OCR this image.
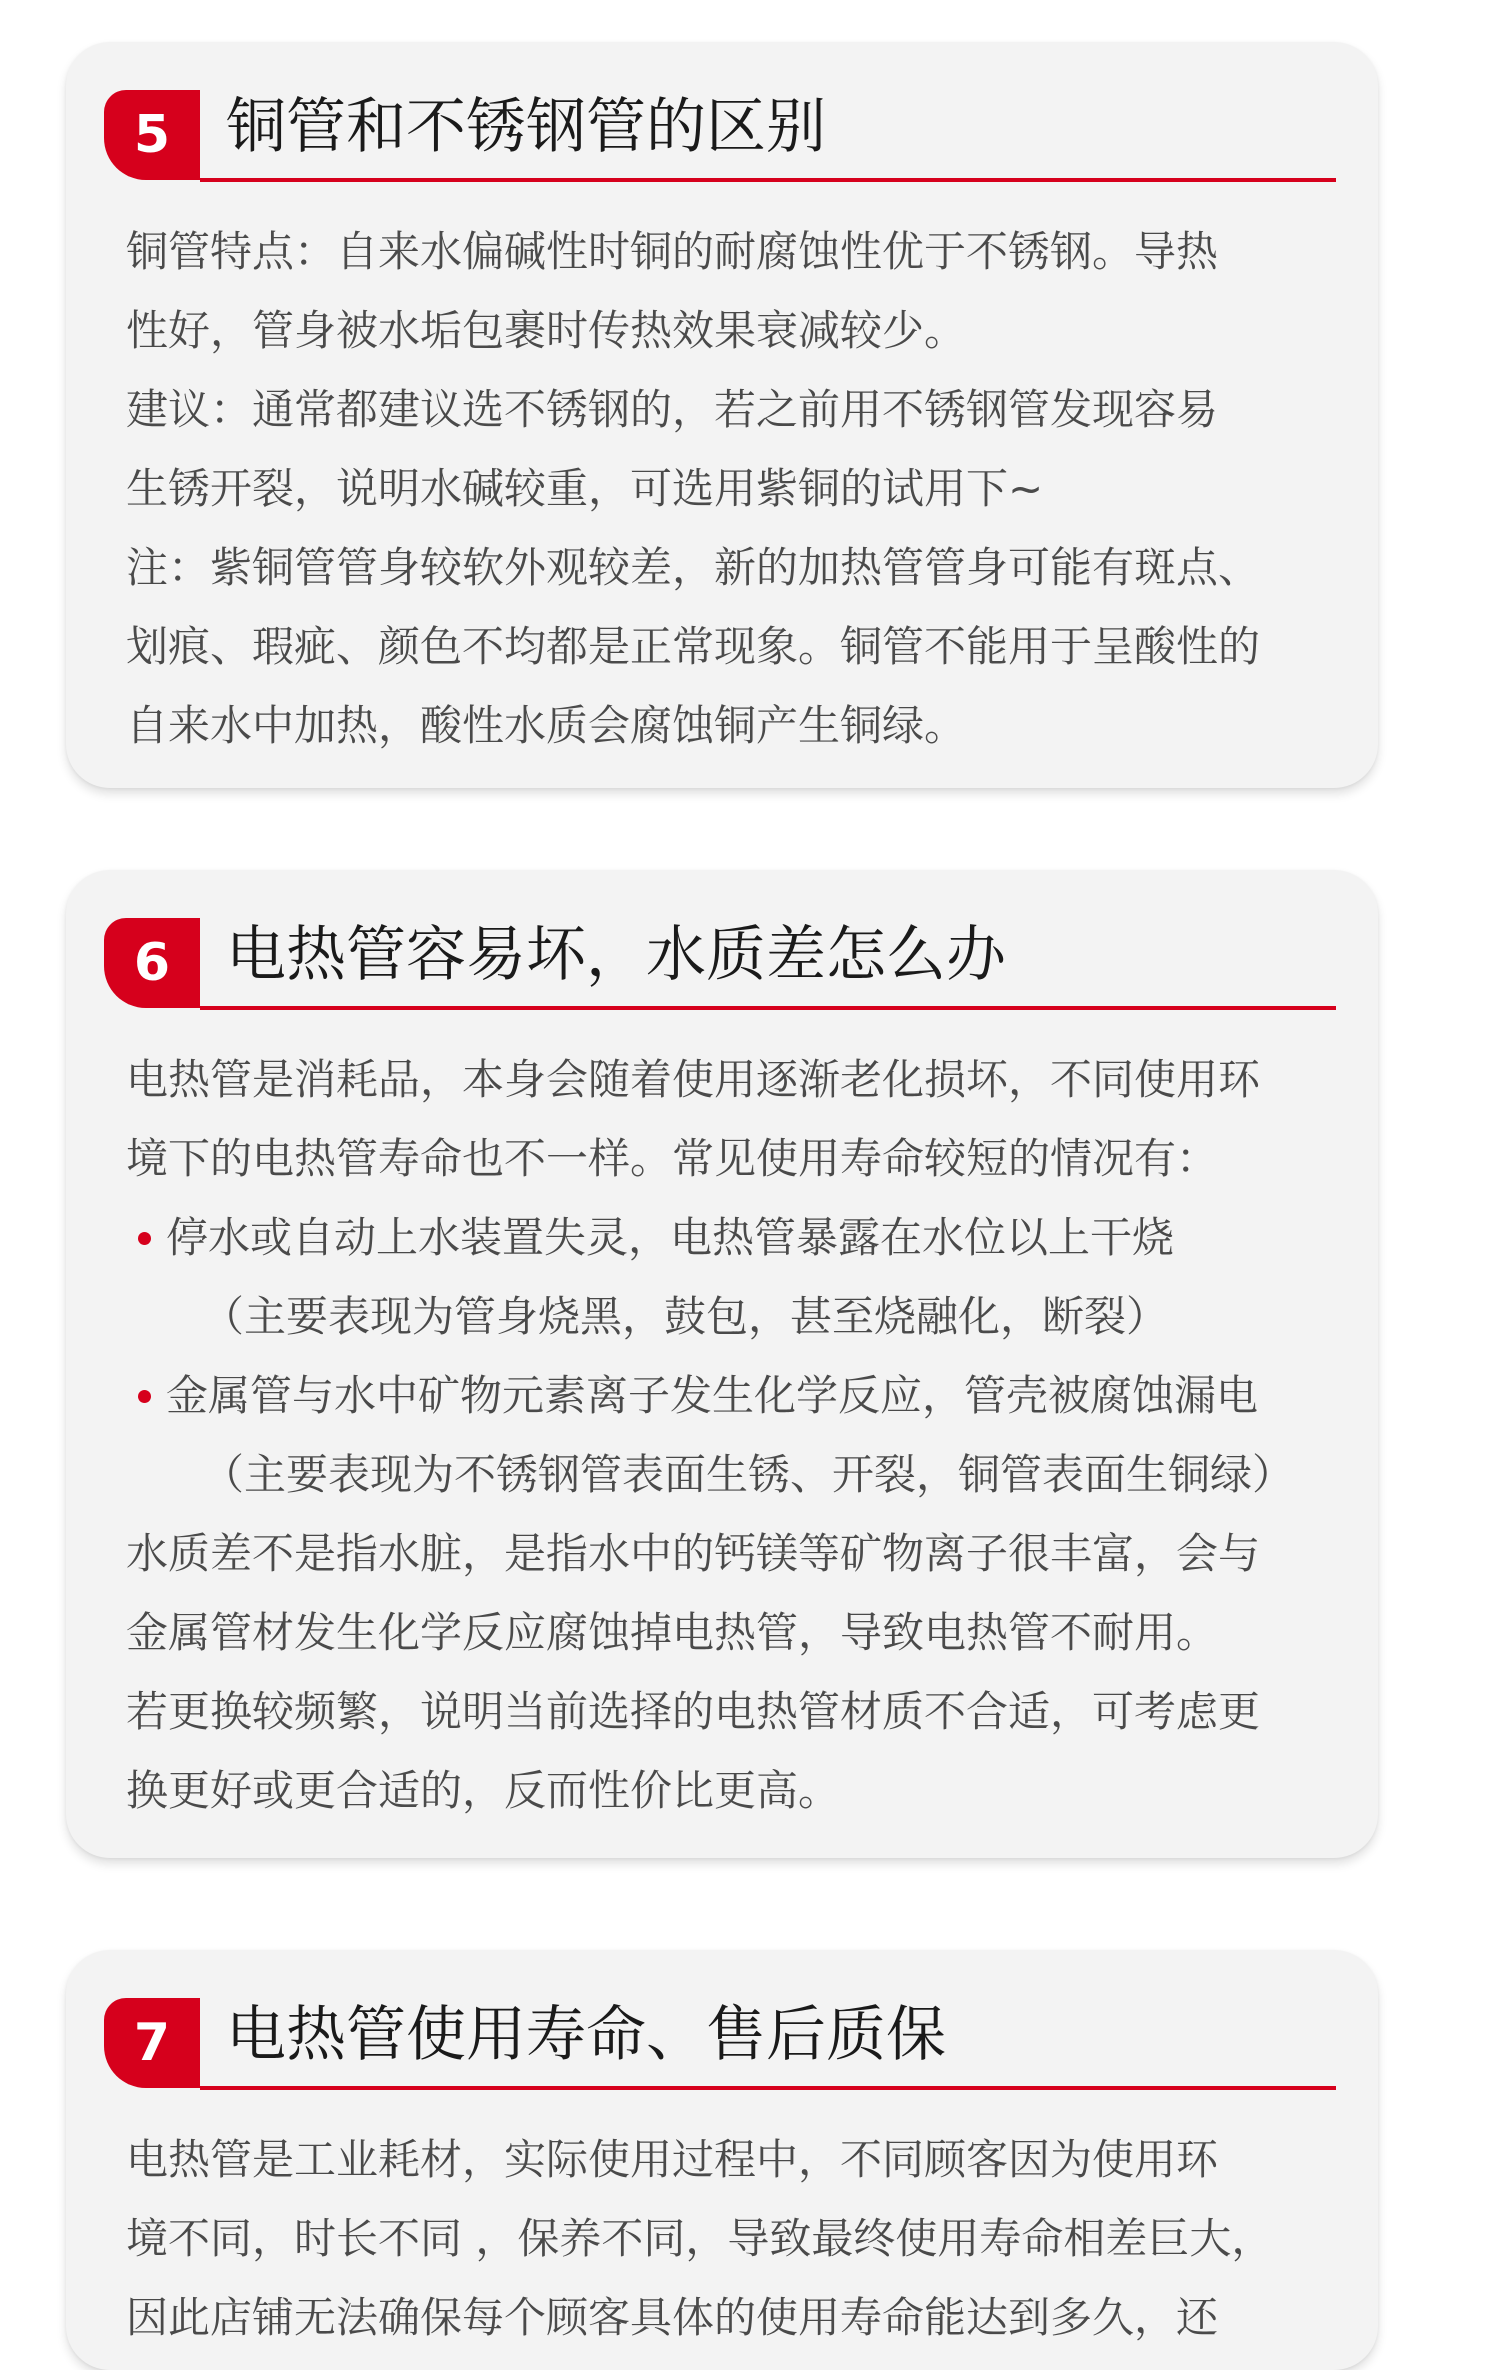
5 铜管和不锈钢管的区别

铜管特点：自来水偏碱性时铜的耐腐蚀性优于不锈钢。导热

性好，管身被水垢包裹时传热效果衰减较少。

建议：通常都建议选不锈钢的，若之前用不锈钢管发现容易

生锈开裂，说明水碱较重，可选用紫铜的试用下~

注：紫铜管管身较软外观较差，新的加热管管身可能有斑点、

划痕、瑕疵、颜色不均都是正常现象。铜管不能用于呈酸性的

自来水中加热，酸性水质会腐蚀铜产生铜绿。

6 电热管容易坏，水质差怎么办

电热管是消耗品，本身会随着使用逐渐老化损坏，不同使用环

境下的电热管寿命也不一样。常见使用寿命较短的情况有：

停水或自动上水装置失灵，电热管暴露在水位以上干烧

（主要表现为管身烧黑，鼓包，甚至烧融化，断裂）

金属管与水中矿物元素离子发生化学反应，管壳被腐蚀漏电

（主要表现为不锈钢管表面生锈、开裂，铜管表面生铜绿）

水质差不是指水脏，是指水中的钙镁等矿物离子很丰富，会与

金属管材发生化学反应腐蚀掉电热管，导致电热管不耐用。

若更换较频繁，说明当前选择的电热管材质不合适，可考虑更

换更好或更合适的，反而性价比更高。

7 电热管使用寿命、售后质保

电热管是工业耗材，实际使用过程中，不同顾客因为使用环

境不同，时长不同 ，保养不同，导致最终使用寿命相差巨大，

因此店铺无法确保每个顾客具体的使用寿命能达到多久，还
